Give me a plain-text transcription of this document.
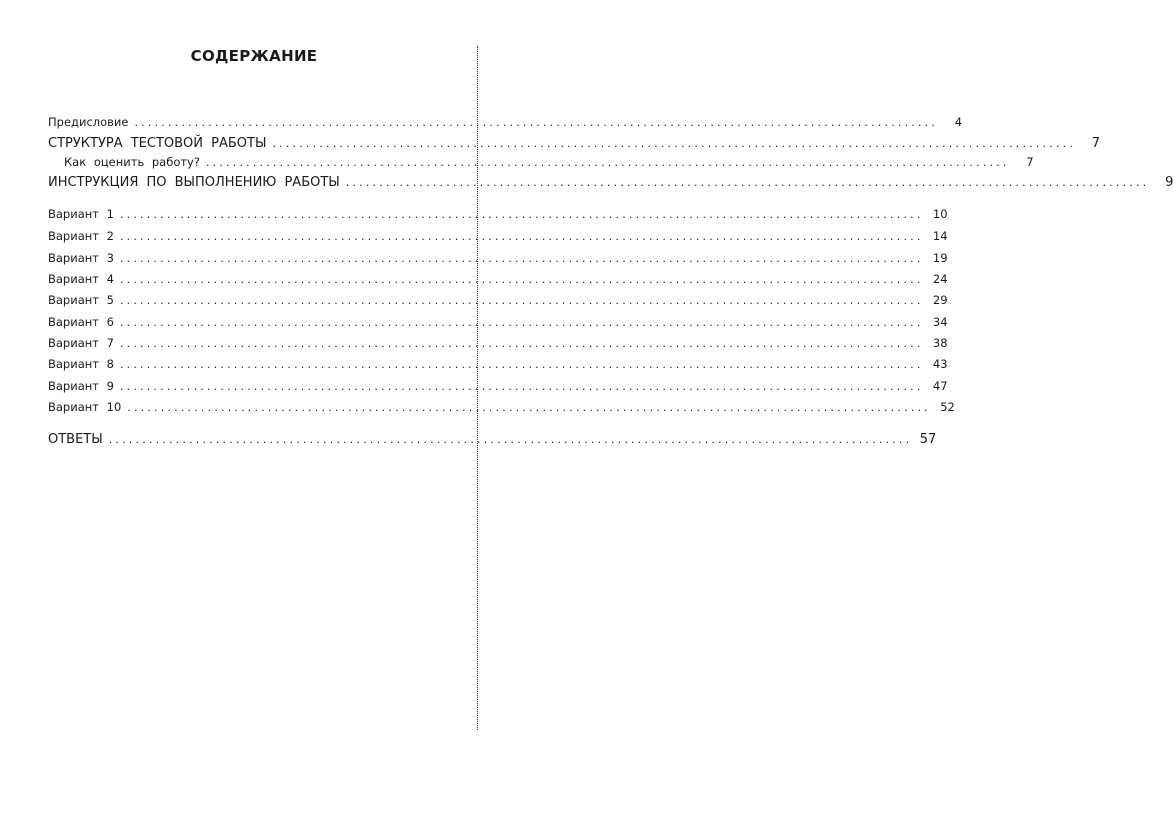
СОДЕРЖАНИЕ
Предисловие ........................................................................................................................	4
СТРУКТУРА ТЕСТОВОЙ РАБОТЫ ........................................................................................................................	7
Как оценить работу? ........................................................................................................................	7
ИНСТРУКЦИЯ ПО ВЫПОЛНЕНИЮ РАБОТЫ ........................................................................................................................	9
Вариант 1 ........................................................................................................................ 10
Вариант 2 ........................................................................................................................ 14
Вариант 3 ........................................................................................................................ 19
Вариант 4 ........................................................................................................................ 24
Вариант 5 ........................................................................................................................ 29
Вариант 6 ........................................................................................................................ 34
Вариант 7 ........................................................................................................................ 38
Вариант 8 ........................................................................................................................ 43
Вариант 9 ........................................................................................................................ 47
Вариант 10 ........................................................................................................................ 52
ОТВЕТЫ ........................................................................................................................ 57
